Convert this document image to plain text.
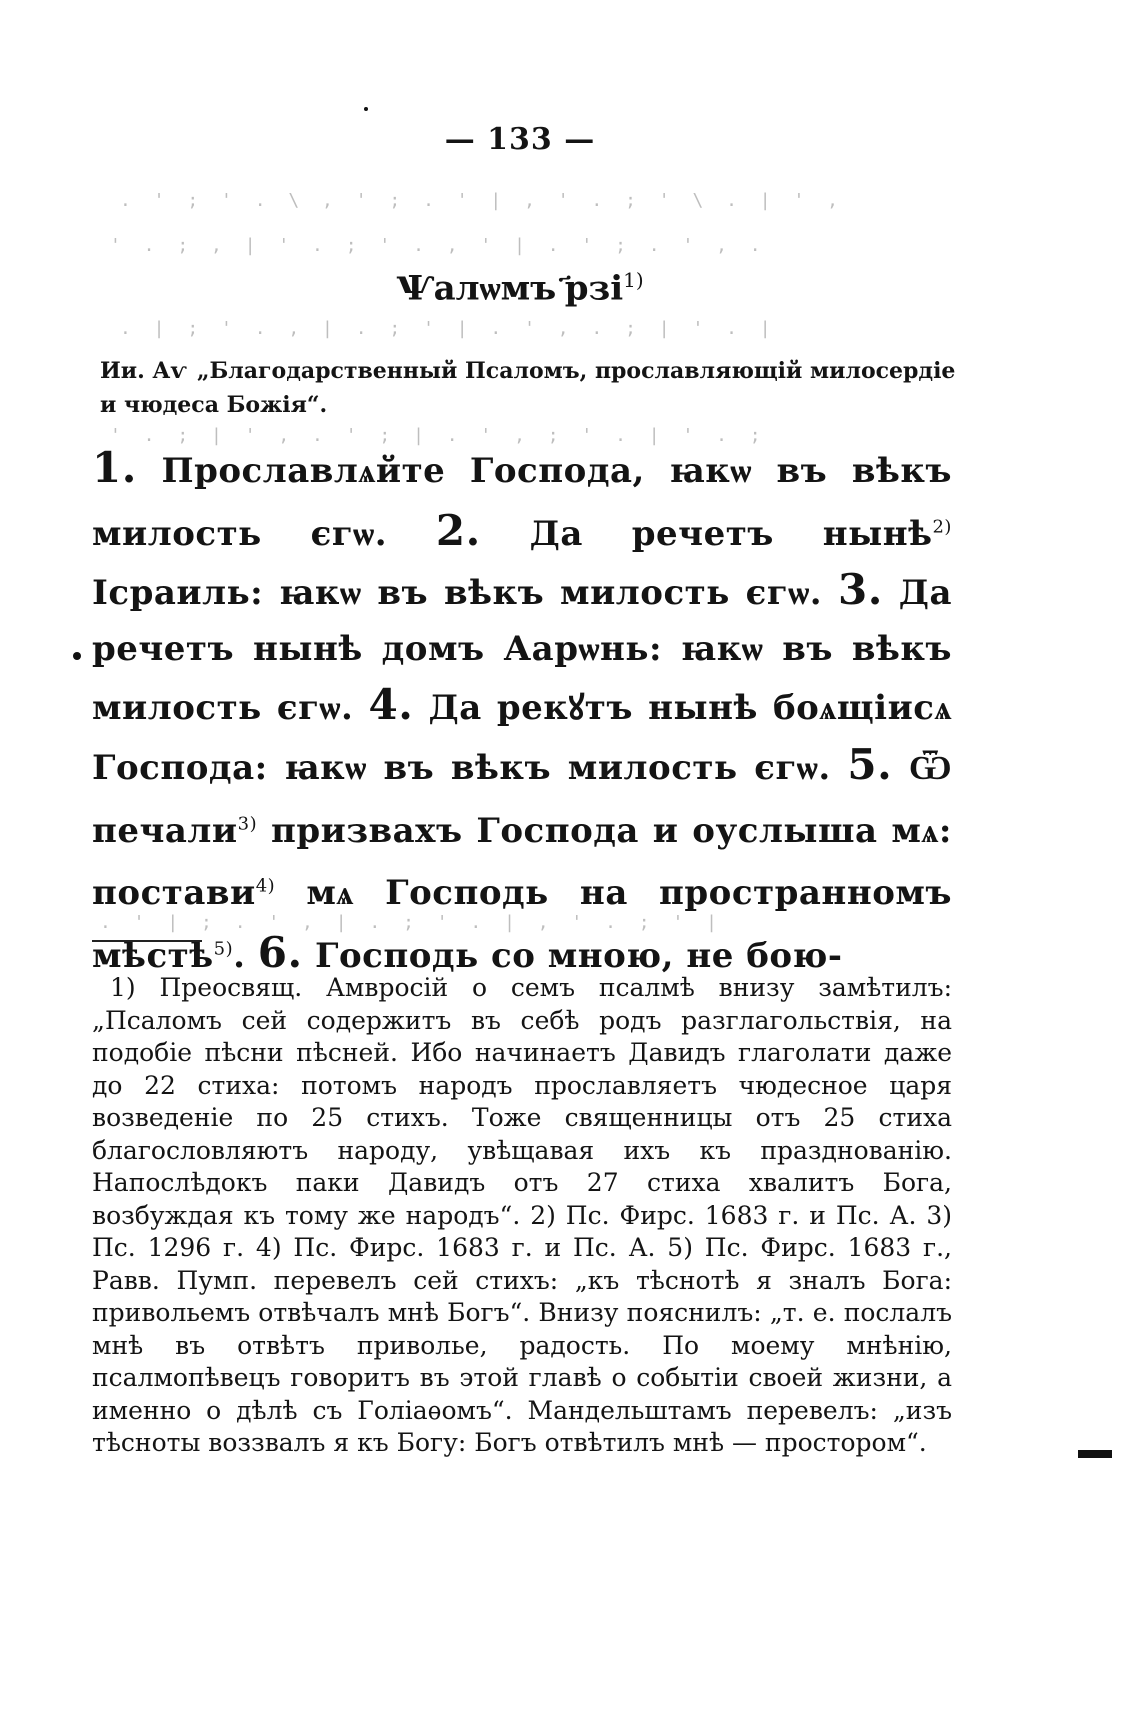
— 133 —
. ' ; ' . \ , ' ; . ' | , ' . ; ' \ . | ' ,
' . ; , | ' . ; ' . , ' | . ' ; . ' , .
. | ; ' . , | . ; ' | . ' , . ; | ' . |
' . ; | ' , . ' ; | . ' , ; ' . | ' . ;
. ' | ; . ' , | . ; ' . | , ' . ; ' |
Ѱалѡмъ ҃рзі$^{1)}$
Ии. Аѵ „Благодарственный Псаломъ, прославляющій милосердіе и чюдеса Божія“.
1. Прославлѧйте Господа, ꙗкѡ въ вѣкъ милость єгѡ. 2. Да речетъ нынѣ$^{2)}$ Ісраиль: ꙗкѡ въ вѣкъ милость єгѡ. 3. Да речетъ нынѣ домъ Аарѡнь: ꙗкѡ въ вѣкъ милость єгѡ. 4. Да рекꙋтъ нынѣ боѧщіисѧ Господа: ꙗкѡ въ вѣкъ милость єгѡ. 5. Ѿ печали$^{3)}$ призвахъ Господа и оуслыша мѧ: постави$^{4)}$ мѧ Господь на пространномъ мѣстѣ$^{5)}$. 6. Господь со мною, не бою-
1) Преосвящ. Амвросій о семъ псалмѣ внизу замѣтилъ: „Псаломъ сей содержитъ въ себѣ родъ разглагольствія, на подобіе пѣсни пѣсней. Ибо начинаетъ Давидъ глаголати даже до 22 стиха: потомъ народъ прославляетъ чюдесное царя возведеніе по 25 стихъ. Тоже священницы отъ 25 стиха благословляютъ народу, увѣщавая ихъ къ празднованію. Напослѣдокъ паки Давидъ отъ 27 стиха хвалитъ Бога, возбуждая къ тому же народъ“. 2) Пс. Фирс. 1683 г. и Пс. А. 3) Пс. 1296 г. 4) Пс. Фирс. 1683 г. и Пс. А. 5) Пс. Фирс. 1683 г., Равв. Пумп. перевелъ сей стихъ: „къ тѣснотѣ я зналъ Бога: привольемъ отвѣчалъ мнѣ Богъ“. Внизу пояснилъ: „т. е. послалъ мнѣ въ отвѣтъ приволье, радость. По моему мнѣнію, псалмопѣвецъ говоритъ въ этой главѣ о событіи своей жизни, а именно о дѣлѣ съ Голіаѳомъ“. Мандельштамъ перевелъ: „изъ тѣсноты воззвалъ я къ Богу: Богъ отвѣтилъ мнѣ — простором“.
